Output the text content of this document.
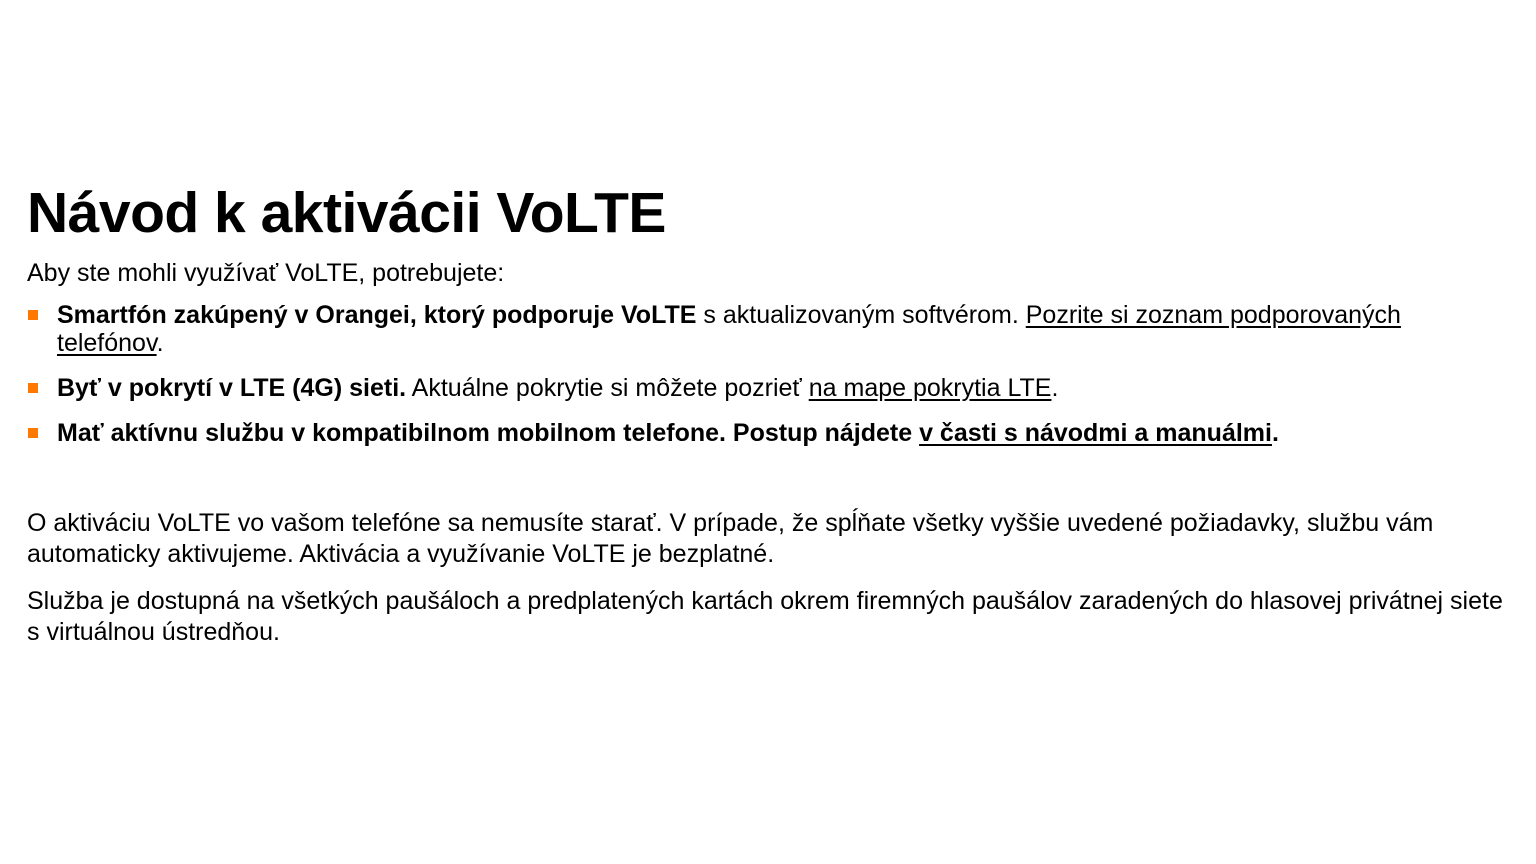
Návod k aktivácii VoLTE

Aby ste mohli využívať VoLTE, potrebujete:

Smartfón zakúpený v Orangei, ktorý podporuje VoLTE s aktualizovaným softvérom. Pozrite si zoznam podporovaných telefónov.
Byť v pokrytí v LTE (4G) sieti. Aktuálne pokrytie si môžete pozrieť na mape pokrytia LTE.
Mať aktívnu službu v kompatibilnom mobilnom telefone. Postup nájdete v časti s návodmi a manuálmi.

O aktiváciu VoLTE vo vašom telefóne sa nemusíte starať. V prípade, že spĺňate všetky vyššie uvedené požiadavky, službu vám automaticky aktivujeme. Aktivácia a využívanie VoLTE je bezplatné.

Služba je dostupná na všetkých paušáloch a predplatených kartách okrem firemných paušálov zaradených do hlasovej privátnej siete s virtuálnou ústredňou.
